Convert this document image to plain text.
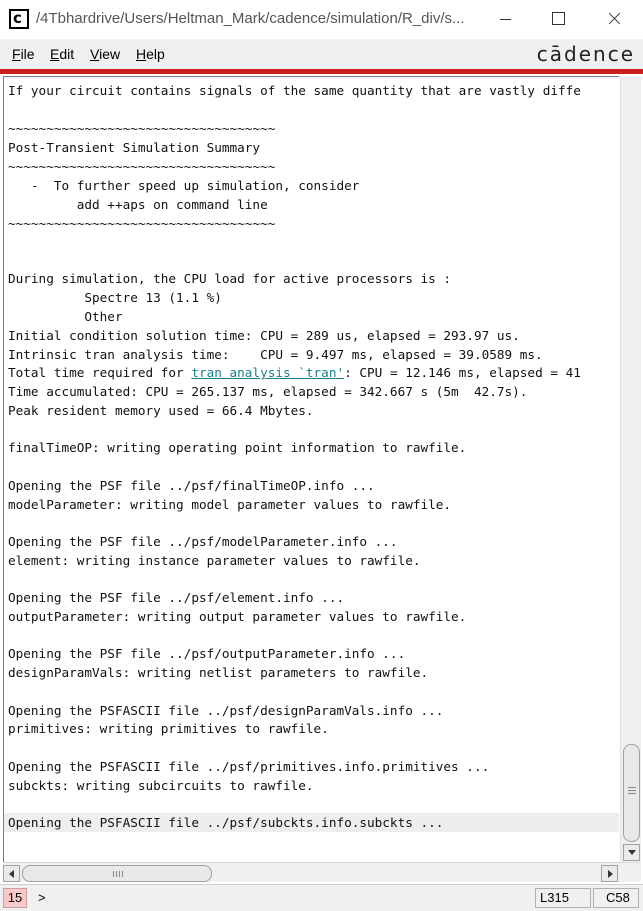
c /4Tbhardrive/Users/Heltman_Mark/cadence/simulation/R_div/s...
File Edit View Help	cādence
If your circuit contains signals of the same quantity that are vastly diffe
~~~~~~~~~~~~~~~~~~~~~~~~~~~~~~~~~~~
Post-Transient Simulation Summary
~~~~~~~~~~~~~~~~~~~~~~~~~~~~~~~~~~~
-  To further speed up simulation, consider
add ++aps on command line
~~~~~~~~~~~~~~~~~~~~~~~~~~~~~~~~~~~
During simulation, the CPU load for active processors is :
Spectre 13 (1.1 %)
Other
Initial condition solution time: CPU = 289 us, elapsed = 293.97 us.
Intrinsic tran analysis time:    CPU = 9.497 ms, elapsed = 39.0589 ms.
Total time required for tran analysis `tran': CPU = 12.146 ms, elapsed = 41
Time accumulated: CPU = 265.137 ms, elapsed = 342.667 s (5m  42.7s).
Peak resident memory used = 66.4 Mbytes.
finalTimeOP: writing operating point information to rawfile.
Opening the PSF file ../psf/finalTimeOP.info ...
modelParameter: writing model parameter values to rawfile.
Opening the PSF file ../psf/modelParameter.info ...
element: writing instance parameter values to rawfile.
Opening the PSF file ../psf/element.info ...
outputParameter: writing output parameter values to rawfile.
Opening the PSF file ../psf/outputParameter.info ...
designParamVals: writing netlist parameters to rawfile.
Opening the PSFASCII file ../psf/designParamVals.info ...
primitives: writing primitives to rawfile.
Opening the PSFASCII file ../psf/primitives.info.primitives ...
subckts: writing subcircuits to rawfile.
Opening the PSFASCII file ../psf/subckts.info.subckts ...
15	>	L315	C58
